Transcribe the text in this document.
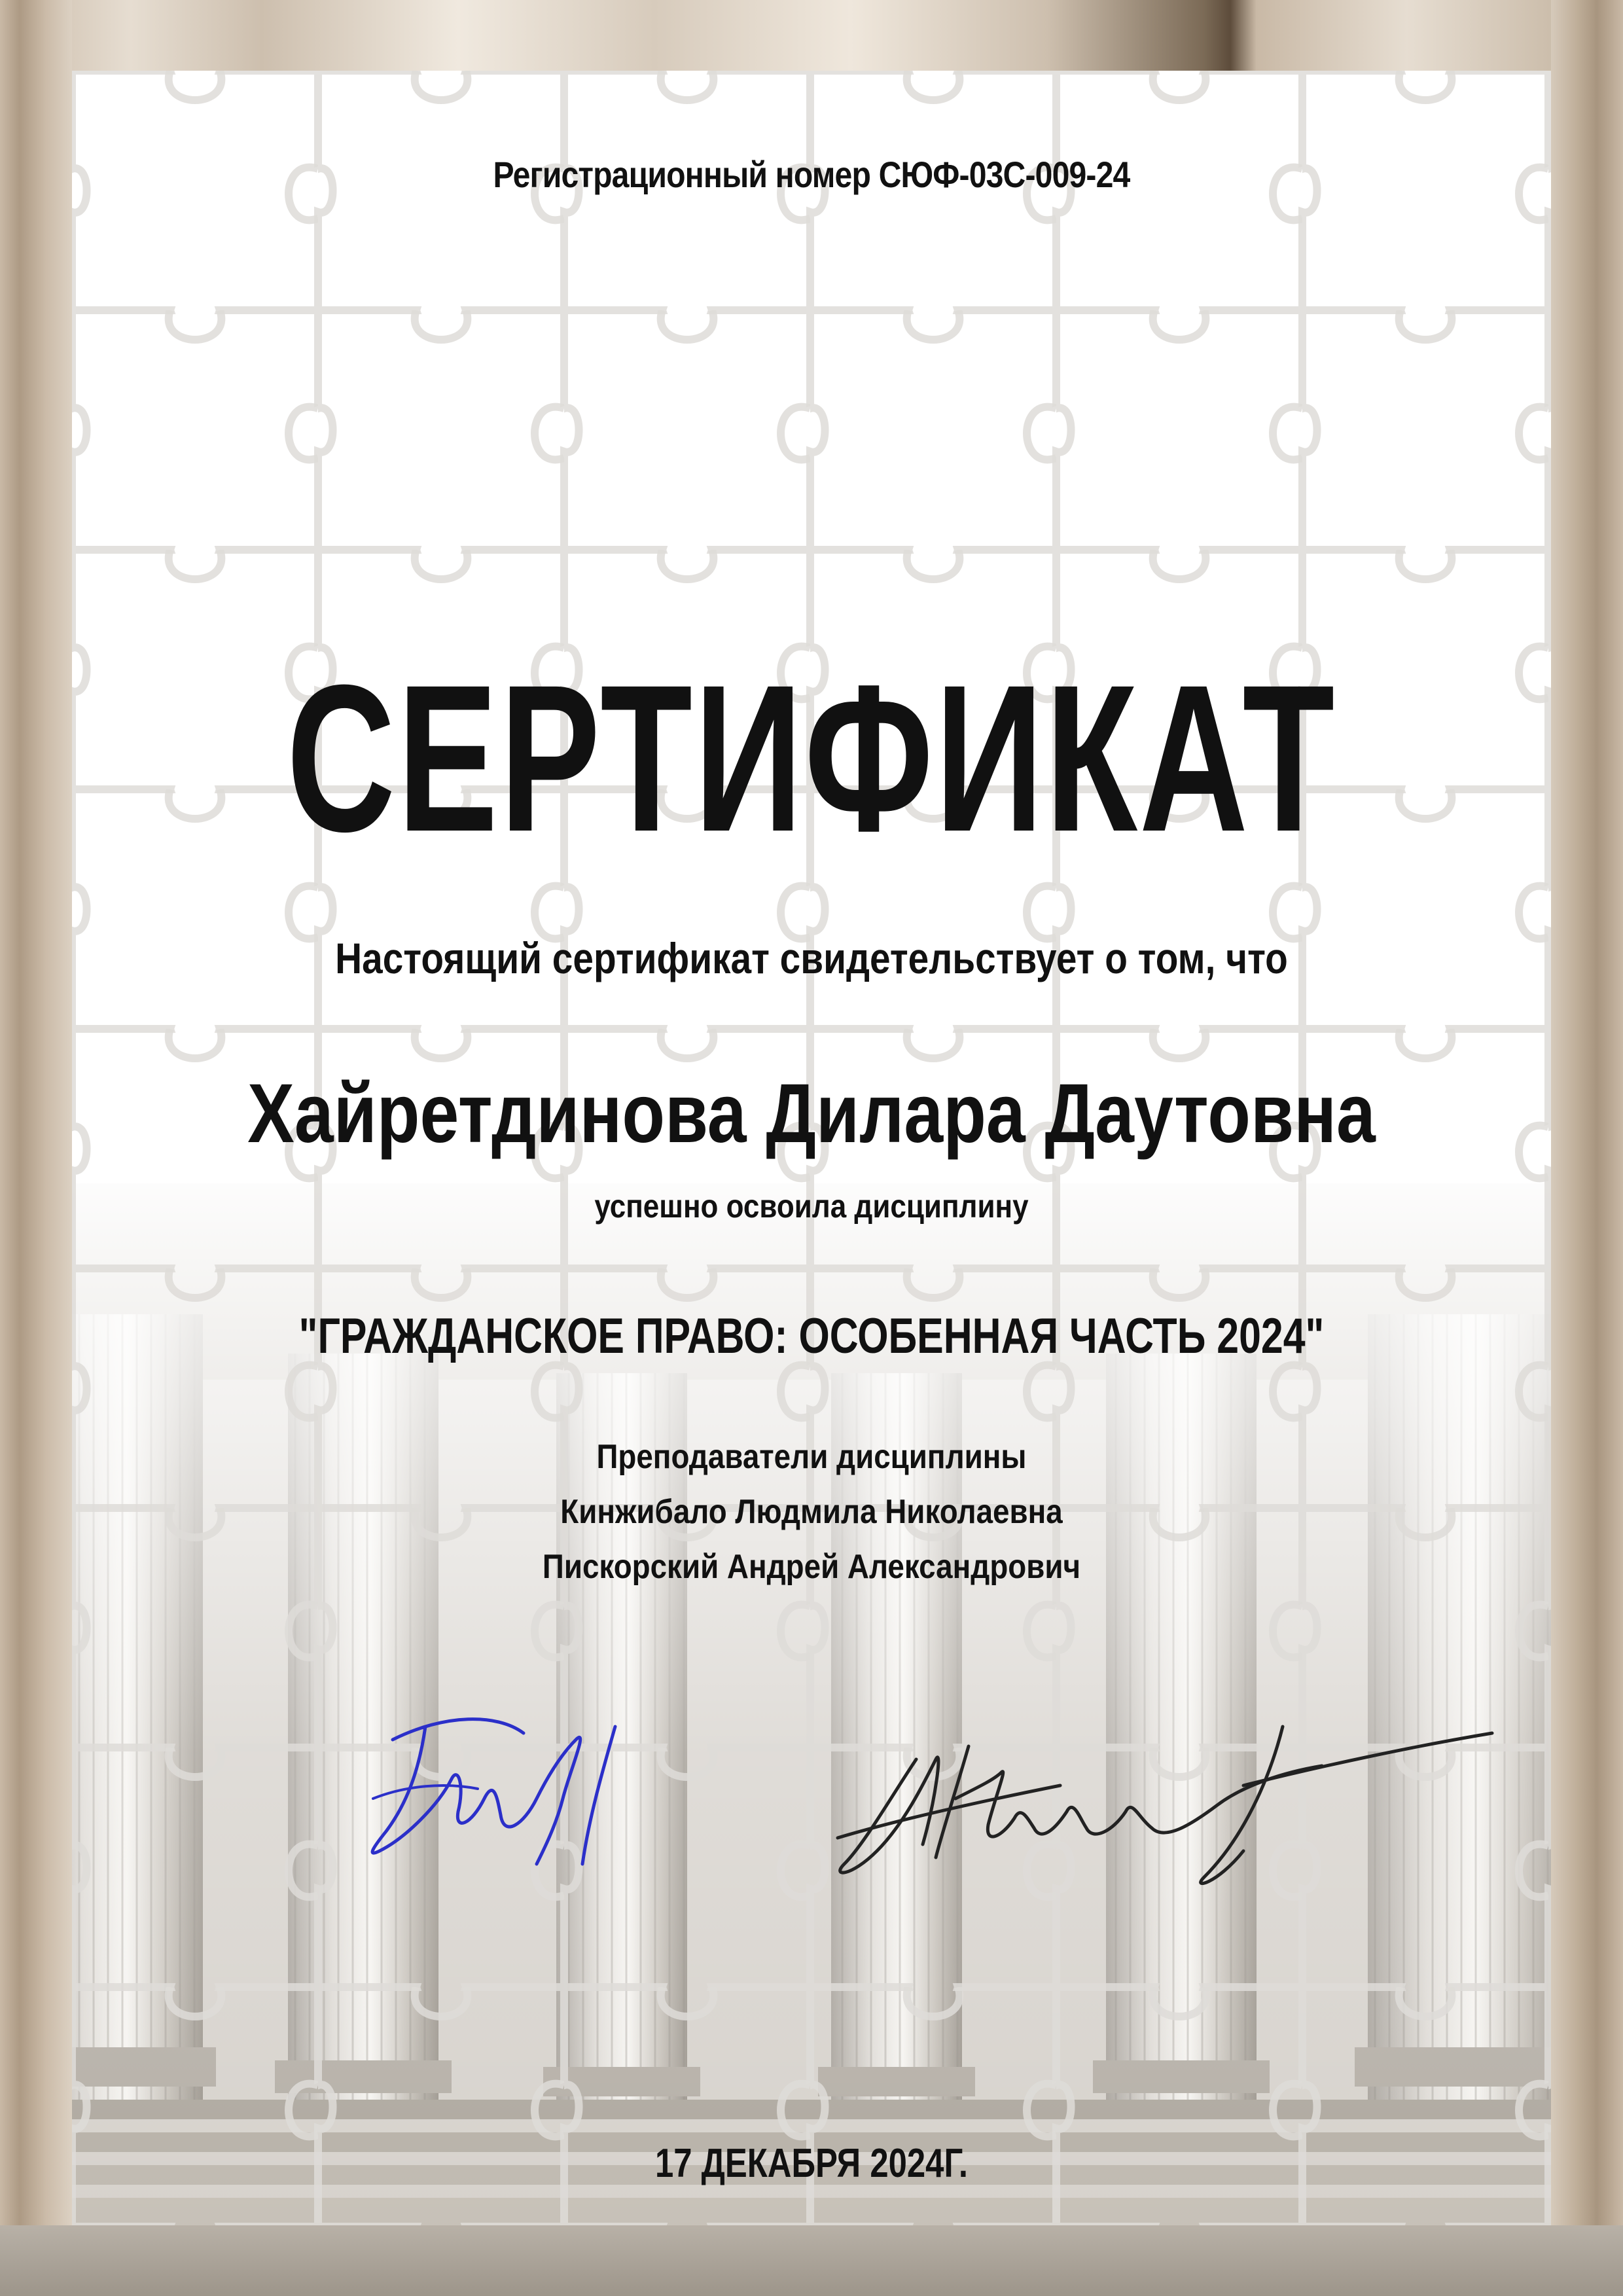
Регистрационный номер СЮФ-03С-009-24
СЕРТИФИКАТ
Настоящий сертификат свидетельствует о том, что
Хайретдинова Дилара Даутовна
успешно освоила дисциплину
"ГРАЖДАНСКОЕ ПРАВО: ОСОБЕННАЯ ЧАСТЬ 2024"
Преподаватели дисциплины
Кинжибало Людмила Николаевна
Пискорский Андрей Александрович
17 ДЕКАБРЯ 2024Г.
